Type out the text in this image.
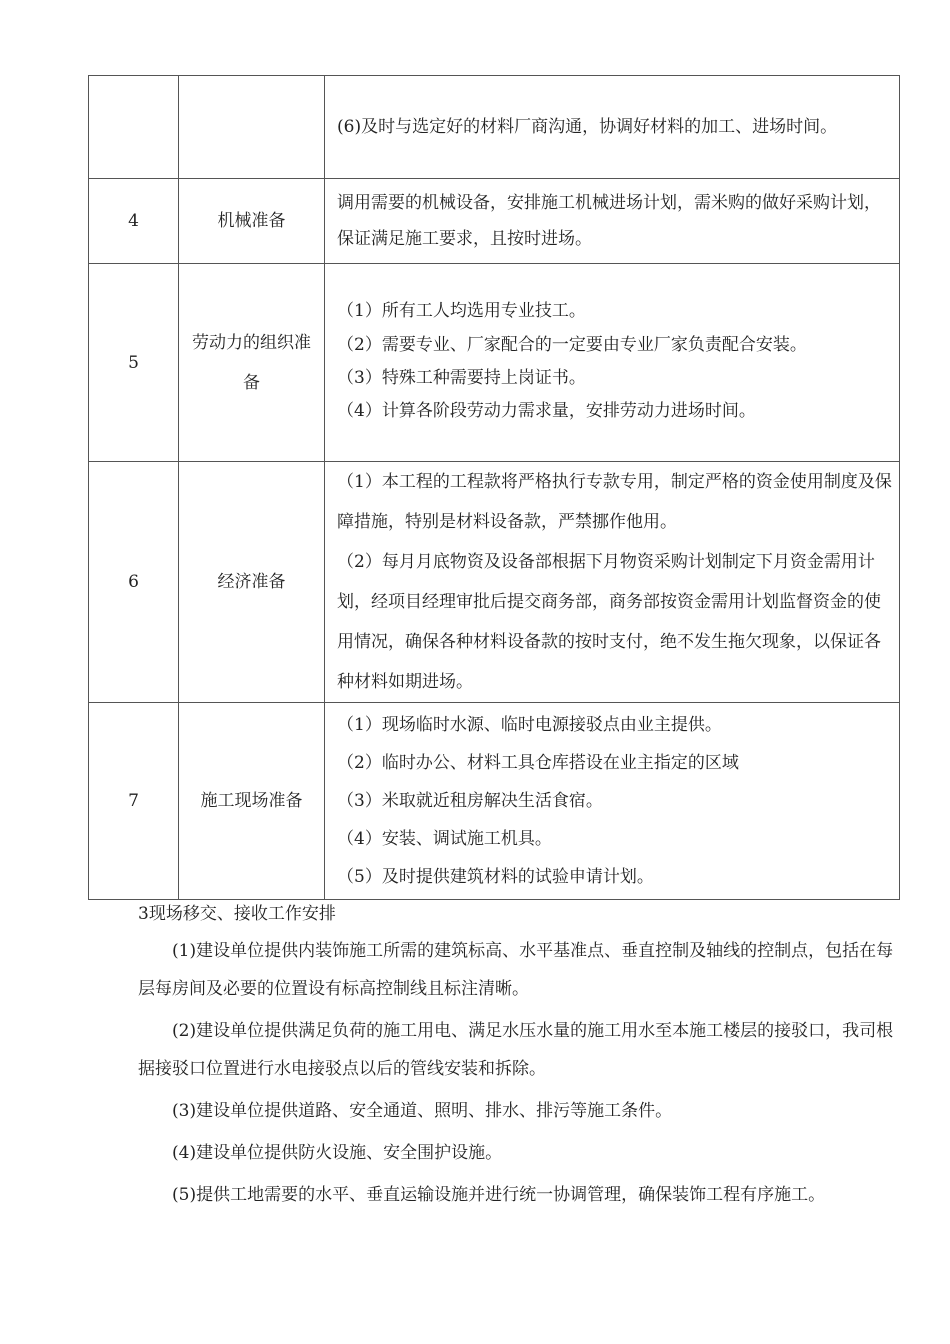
		(6)及时与选定好的材料厂商沟通，协调好材料的加工、进场时间。

4	机械准备	调用需要的机械设备，安排施工机械进场计划，需米购的做好采购计划，保证满足施工要求，且按时进场。

5	劳动力的组织准备	（1）所有工人均选用专业技工。
（2）需要专业、厂家配合的一定要由专业厂家负责配合安装。
（3）特殊工种需要持上岗证书。
（4）计算各阶段劳动力需求量，安排劳动力进场时间。

6	经济准备	（1）本工程的工程款将严格执行专款专用，制定严格的资金使用制度及保障措施，特别是材料设备款，严禁挪作他用。
（2）每月月底物资及设备部根据下月物资采购计划制定下月资金需用计划，经项目经理审批后提交商务部，商务部按资金需用计划监督资金的使用情况，确保各种材料设备款的按时支付，绝不发生拖欠现象，以保证各种材料如期进场。

7	施工现场准备	（1）现场临时水源、临时电源接驳点由业主提供。
（2）临时办公、材料工具仓库搭设在业主指定的区域
（3）米取就近租房解决生活食宿。
（4）安装、调试施工机具。
（5）及时提供建筑材料的试验申请计划。
3现场移交、接收工作安排
(1)建设单位提供内装饰施工所需的建筑标高、水平基准点、垂直控制及轴线的控制点，包括在每层每房间及必要的位置设有标高控制线且标注清晰。
(2)建设单位提供满足负荷的施工用电、满足水压水量的施工用水至本施工楼层的接驳口，我司根据接驳口位置进行水电接驳点以后的管线安装和拆除。
(3)建设单位提供道路、安全通道、照明、排水、排污等施工条件。
(4)建设单位提供防火设施、安全围护设施。
(5)提供工地需要的水平、垂直运输设施并进行统一协调管理，确保装饰工程有序施工。
